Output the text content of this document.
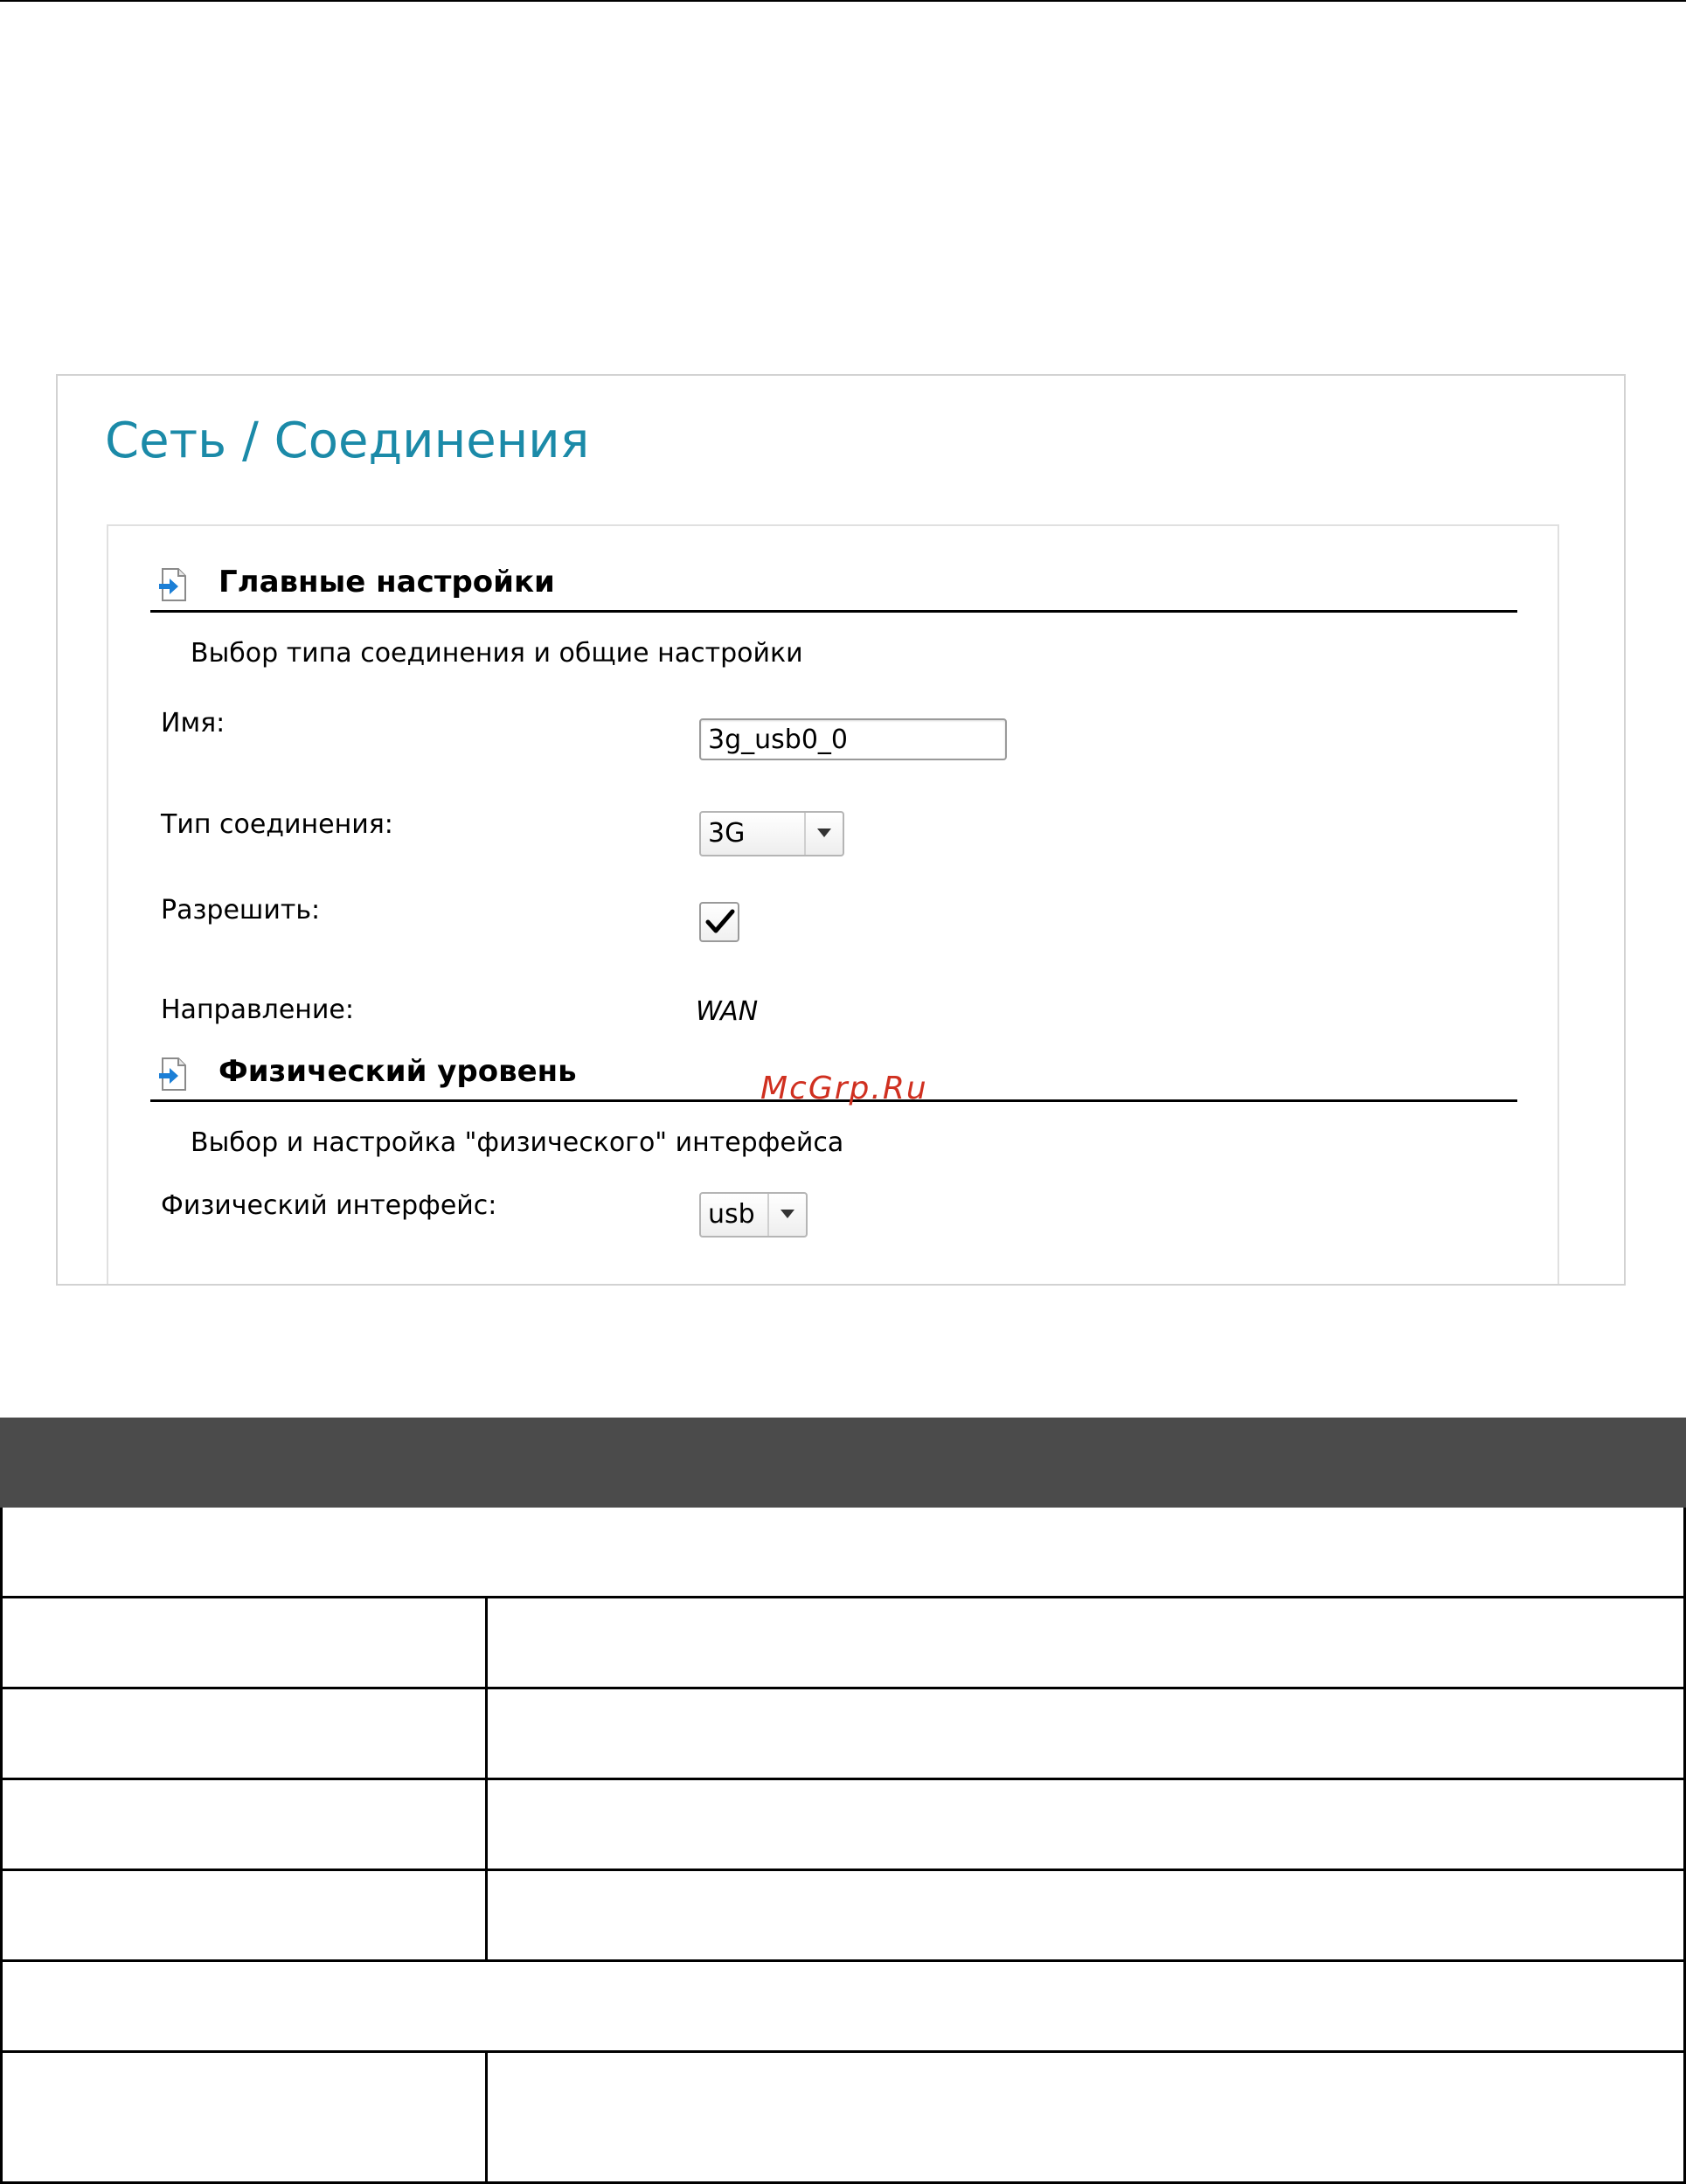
Сеть / Соединения
Главные настройки
Выбор типа соединения и общие настройки
Имя:
3g_usb0_0
Тип соединения:	3G
Разрешить:
Направление:	WAN
Физический уровень
Выбор и настройка "физического" интерфейса
Физический интерфейс:	usb
McGrp.Ru
